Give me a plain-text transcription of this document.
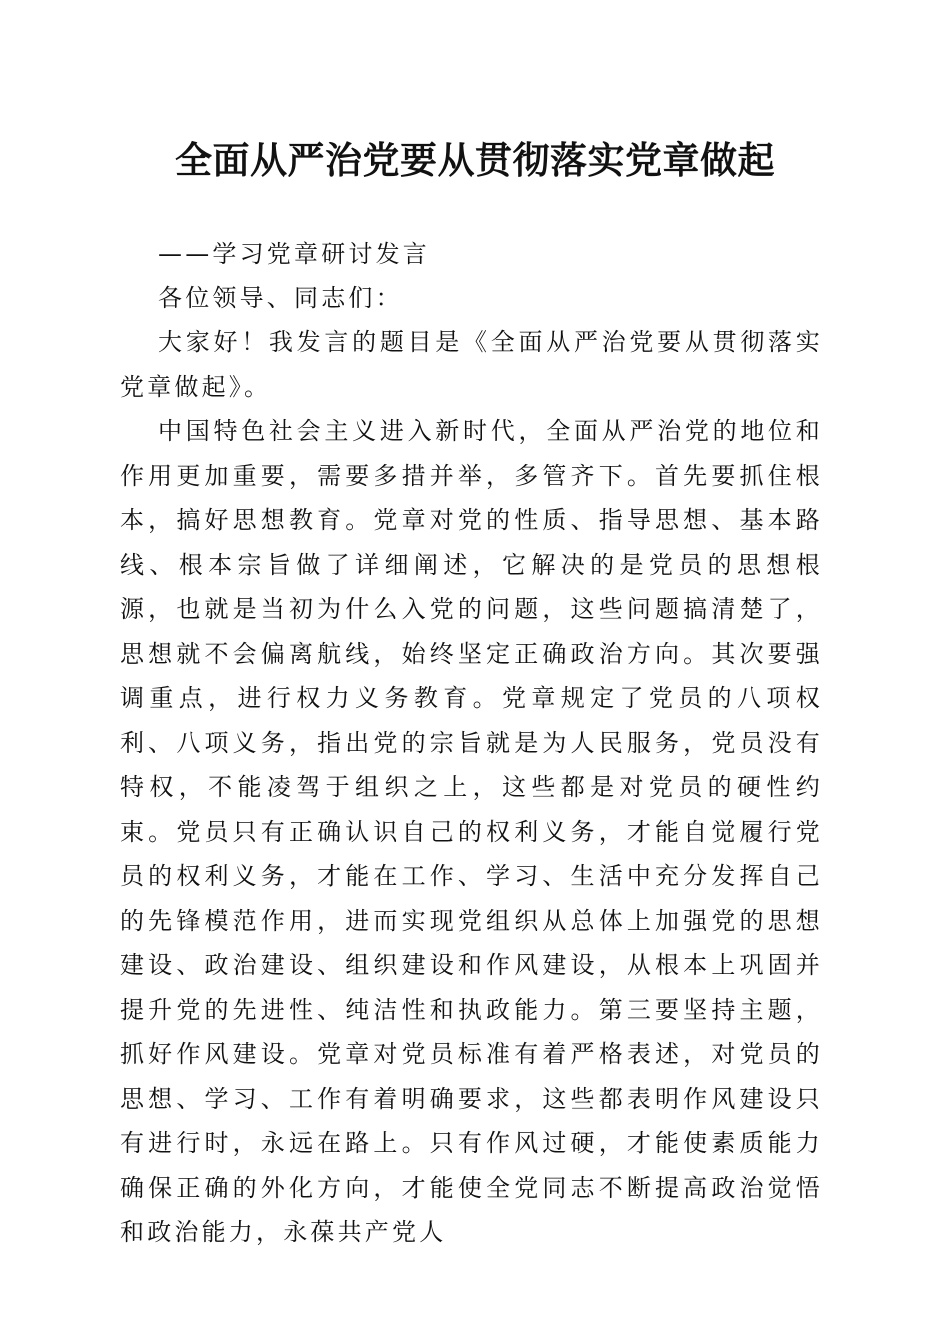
全面从严治党要从贯彻落实党章做起

——学习党章研讨发言

各位领导、同志们：

大家好！我发言的题目是《全面从严治党要从贯彻落实党章做起》。

中国特色社会主义进入新时代，全面从严治党的地位和作用更加重要，需要多措并举，多管齐下。首先要抓住根本，搞好思想教育。党章对党的性质、指导思想、基本路线、根本宗旨做了详细阐述，它解决的是党员的思想根源，也就是当初为什么入党的问题，这些问题搞清楚了，思想就不会偏离航线，始终坚定正确政治方向。其次要强调重点，进行权力义务教育。党章规定了党员的八项权利、八项义务，指出党的宗旨就是为人民服务，党员没有特权，不能凌驾于组织之上，这些都是对党员的硬性约束。党员只有正确认识自己的权利义务，才能自觉履行党员的权利义务，才能在工作、学习、生活中充分发挥自己的先锋模范作用，进而实现党组织从总体上加强党的思想建设、政治建设、组织建设和作风建设，从根本上巩固并提升党的先进性、纯洁性和执政能力。第三要坚持主题，抓好作风建设。党章对党员标准有着严格表述，对党员的思想、学习、工作有着明确要求，这些都表明作风建设只有进行时，永远在路上。只有作风过硬，才能使素质能力确保正确的外化方向，才能使全党同志不断提高政治觉悟和政治能力，永葆共产党人
